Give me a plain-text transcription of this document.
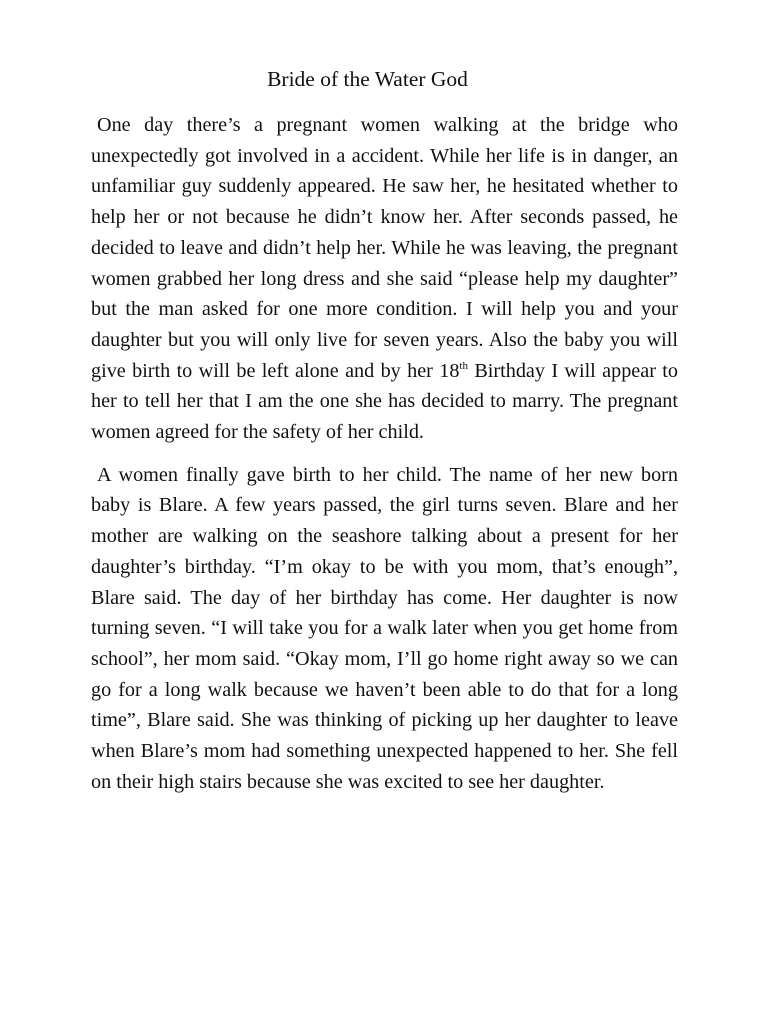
Bride of the Water God

One day there’s a pregnant women walking at the bridge who unexpectedly got involved in a accident. While her life is in danger, an unfamiliar guy suddenly appeared. He saw her, he hesitated whether to help her or not because he didn’t know her. After seconds passed, he decided to leave and didn’t help her. While he was leaving, the pregnant women grabbed her long dress and she said “please help my daughter” but the man asked for one more condition. I will help you and your daughter but you will only live for seven years. Also the baby you will give birth to will be left alone and by her 18th Birthday I will appear to her to tell her that I am the one she has decided to marry. The pregnant women agreed for the safety of her child.

A women finally gave birth to her child. The name of her new born baby is Blare. A few years passed, the girl turns seven. Blare and her mother are walking on the seashore talking about a present for her daughter’s birthday. “I’m okay to be with you mom, that’s enough”, Blare said. The day of her birthday has come. Her daughter is now turning seven. “I will take you for a walk later when you get home from school”, her mom said. “Okay mom, I’ll go home right away so we can go for a long walk because we haven’t been able to do that for a long time”, Blare said. She was thinking of picking up her daughter to leave when Blare’s mom had something unexpected happened to her. She fell on their high stairs because she was excited to see her daughter.
